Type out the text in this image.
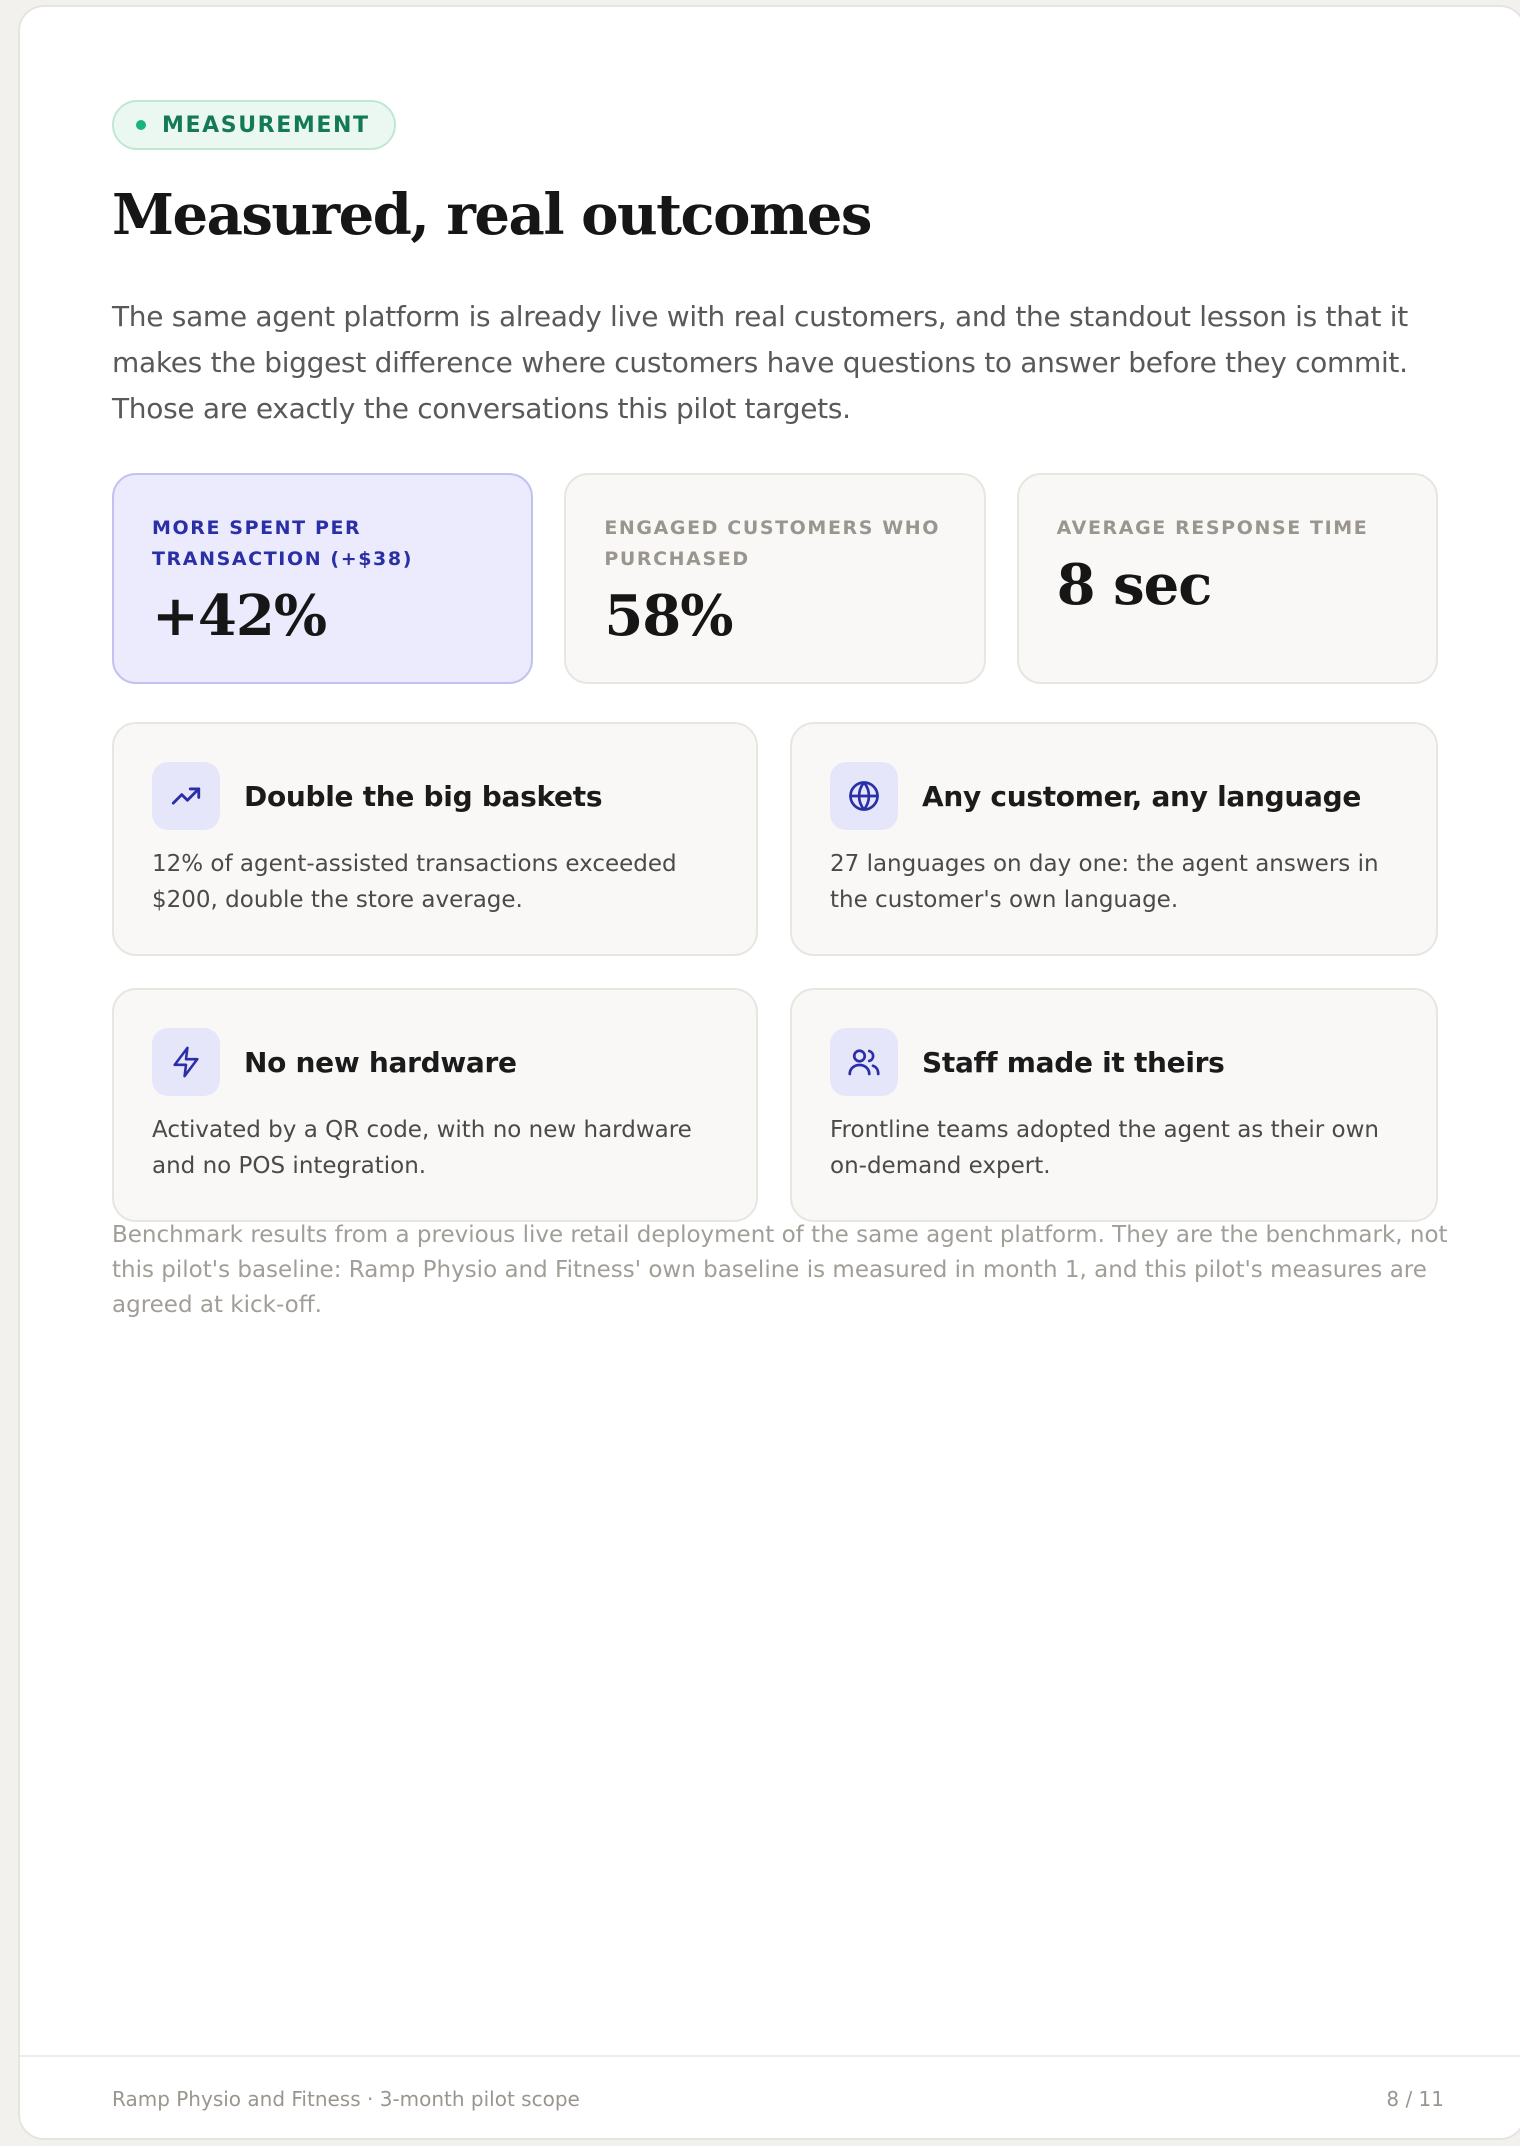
MEASUREMENT
Measured, real outcomes

The same agent platform is already live with real customers, and the standout lesson is that it makes the biggest difference where customers have questions to answer before they commit. Those are exactly the conversations this pilot targets.

MORE SPENT PER TRANSACTION (+$38)
+42%
ENGAGED CUSTOMERS WHO PURCHASED
58%
AVERAGE RESPONSE TIME
8 sec
Double the big baskets
12% of agent-assisted transactions exceeded $200, double the store average.
Any customer, any language
27 languages on day one: the agent answers in the customer's own language.
No new hardware
Activated by a QR code, with no new hardware and no POS integration.
Staff made it theirs
Frontline teams adopted the agent as their own on-demand expert.
Benchmark results from a previous live retail deployment of the same agent platform. They are the benchmark, not this pilot's baseline: Ramp Physio and Fitness' own baseline is measured in month 1, and this pilot's measures are agreed at kick-off.
Ramp Physio and Fitness · 3-month pilot scope	8 / 11
